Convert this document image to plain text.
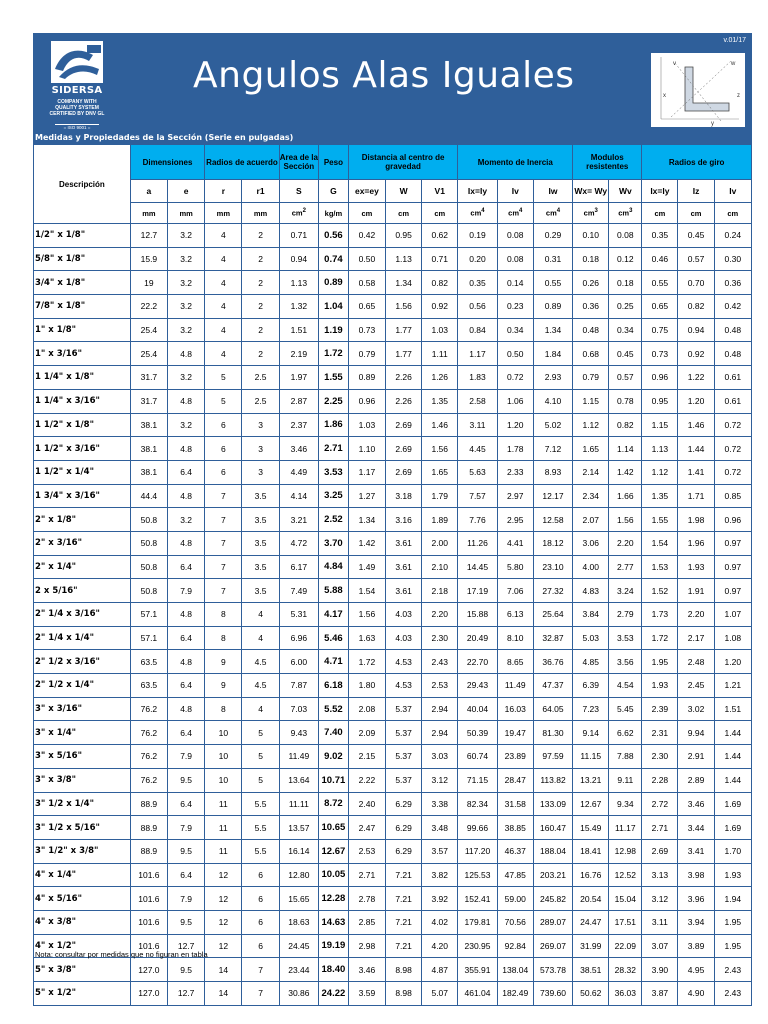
SIDERSA
COMPANY WITH
QUALITY SYSTEM
CERTIFIED BY DNV GL
= ISO 9001 =
Angulos Alas Iguales
v.01/17
w
x
y
v
z
Medidas y Propiedades de la Sección (Serie en pulgadas)
Descripción	Dimensiones		Radios de acuerdo		Area de la Sección	Peso	Distancia al centro de gravedad			Momento de Inercia			Modulos resistentes		Radios de giro		
	a	e	r	r1	S	G	ex=ey	W	V1	Ix=Iy	Iv	Iw	Wx= Wy	Wv	Ix=Iy	Iz	Iv
	mm	mm	mm	mm	$cm^2$	kg/m	cm	cm	cm	$cm^4$	$cm^4$	$cm^4$	$cm^3$	$cm^3$	cm	cm	cm
1/2" x 1/8"	12.7	3.2	4	2	0.71	0.56	0.42	0.95	0.62	0.19	0.08	0.29	0.10	0.08	0.35	0.45	0.24
5/8" x 1/8"	15.9	3.2	4	2	0.94	0.74	0.50	1.13	0.71	0.20	0.08	0.31	0.18	0.12	0.46	0.57	0.30
3/4" x 1/8"	19	3.2	4	2	1.13	0.89	0.58	1.34	0.82	0.35	0.14	0.55	0.26	0.18	0.55	0.70	0.36
7/8" x 1/8"	22.2	3.2	4	2	1.32	1.04	0.65	1.56	0.92	0.56	0.23	0.89	0.36	0.25	0.65	0.82	0.42
1" x 1/8"	25.4	3.2	4	2	1.51	1.19	0.73	1.77	1.03	0.84	0.34	1.34	0.48	0.34	0.75	0.94	0.48
1" x 3/16"	25.4	4.8	4	2	2.19	1.72	0.79	1.77	1.11	1.17	0.50	1.84	0.68	0.45	0.73	0.92	0.48
1 1/4" x 1/8"	31.7	3.2	5	2.5	1.97	1.55	0.89	2.26	1.26	1.83	0.72	2.93	0.79	0.57	0.96	1.22	0.61
1 1/4" x 3/16"	31.7	4.8	5	2.5	2.87	2.25	0.96	2.26	1.35	2.58	1.06	4.10	1.15	0.78	0.95	1.20	0.61
1 1/2" x 1/8"	38.1	3.2	6	3	2.37	1.86	1.03	2.69	1.46	3.11	1.20	5.02	1.12	0.82	1.15	1.46	0.72
1 1/2" x 3/16"	38.1	4.8	6	3	3.46	2.71	1.10	2.69	1.56	4.45	1.78	7.12	1.65	1.14	1.13	1.44	0.72
1 1/2" x 1/4"	38.1	6.4	6	3	4.49	3.53	1.17	2.69	1.65	5.63	2.33	8.93	2.14	1.42	1.12	1.41	0.72
1 3/4" x 3/16"	44.4	4.8	7	3.5	4.14	3.25	1.27	3.18	1.79	7.57	2.97	12.17	2.34	1.66	1.35	1.71	0.85
2" x 1/8"	50.8	3.2	7	3.5	3.21	2.52	1.34	3.16	1.89	7.76	2.95	12.58	2.07	1.56	1.55	1.98	0.96
2" x 3/16"	50.8	4.8	7	3.5	4.72	3.70	1.42	3.61	2.00	11.26	4.41	18.12	3.06	2.20	1.54	1.96	0.97
2" x 1/4"	50.8	6.4	7	3.5	6.17	4.84	1.49	3.61	2.10	14.45	5.80	23.10	4.00	2.77	1.53	1.93	0.97
2 x 5/16"	50.8	7.9	7	3.5	7.49	5.88	1.54	3.61	2.18	17.19	7.06	27.32	4.83	3.24	1.52	1.91	0.97
2" 1/4 x 3/16"	57.1	4.8	8	4	5.31	4.17	1.56	4.03	2.20	15.88	6.13	25.64	3.84	2.79	1.73	2.20	1.07
2" 1/4 x 1/4"	57.1	6.4	8	4	6.96	5.46	1.63	4.03	2.30	20.49	8.10	32.87	5.03	3.53	1.72	2.17	1.08
2" 1/2 x 3/16"	63.5	4.8	9	4.5	6.00	4.71	1.72	4.53	2.43	22.70	8.65	36.76	4.85	3.56	1.95	2.48	1.20
2" 1/2 x 1/4"	63.5	6.4	9	4.5	7.87	6.18	1.80	4.53	2.53	29.43	11.49	47.37	6.39	4.54	1.93	2.45	1.21
3" x 3/16"	76.2	4.8	8	4	7.03	5.52	2.08	5.37	2.94	40.04	16.03	64.05	7.23	5.45	2.39	3.02	1.51
3" x 1/4"	76.2	6.4	10	5	9.43	7.40	2.09	5.37	2.94	50.39	19.47	81.30	9.14	6.62	2.31	9.94	1.44
3" x 5/16"	76.2	7.9	10	5	11.49	9.02	2.15	5.37	3.03	60.74	23.89	97.59	11.15	7.88	2.30	2.91	1.44
3" x 3/8"	76.2	9.5	10	5	13.64	10.71	2.22	5.37	3.12	71.15	28.47	113.82	13.21	9.11	2.28	2.89	1.44
3" 1/2 x 1/4"	88.9	6.4	11	5.5	11.11	8.72	2.40	6.29	3.38	82.34	31.58	133.09	12.67	9.34	2.72	3.46	1.69
3" 1/2 x 5/16"	88.9	7.9	11	5.5	13.57	10.65	2.47	6.29	3.48	99.66	38.85	160.47	15.49	11.17	2.71	3.44	1.69
3" 1/2" x 3/8"	88.9	9.5	11	5.5	16.14	12.67	2.53	6.29	3.57	117.20	46.37	188.04	18.41	12.98	2.69	3.41	1.70
4" x 1/4"	101.6	6.4	12	6	12.80	10.05	2.71	7.21	3.82	125.53	47.85	203.21	16.76	12.52	3.13	3.98	1.93
4" x 5/16"	101.6	7.9	12	6	15.65	12.28	2.78	7.21	3.92	152.41	59.00	245.82	20.54	15.04	3.12	3.96	1.94
4" x 3/8"	101.6	9.5	12	6	18.63	14.63	2.85	7.21	4.02	179.81	70.56	289.07	24.47	17.51	3.11	3.94	1.95
4" x 1/2"	101.6	12.7	12	6	24.45	19.19	2.98	7.21	4.20	230.95	92.84	269.07	31.99	22.09	3.07	3.89	1.95
5" x 3/8"	127.0	9.5	14	7	23.44	18.40	3.46	8.98	4.87	355.91	138.04	573.78	38.51	28.32	3.90	4.95	2.43
5" x 1/2"	127.0	12.7	14	7	30.86	24.22	3.59	8.98	5.07	461.04	182.49	739.60	50.62	36.03	3.87	4.90	2.43
Nota: consultar por medidas que no figuran en tabla
